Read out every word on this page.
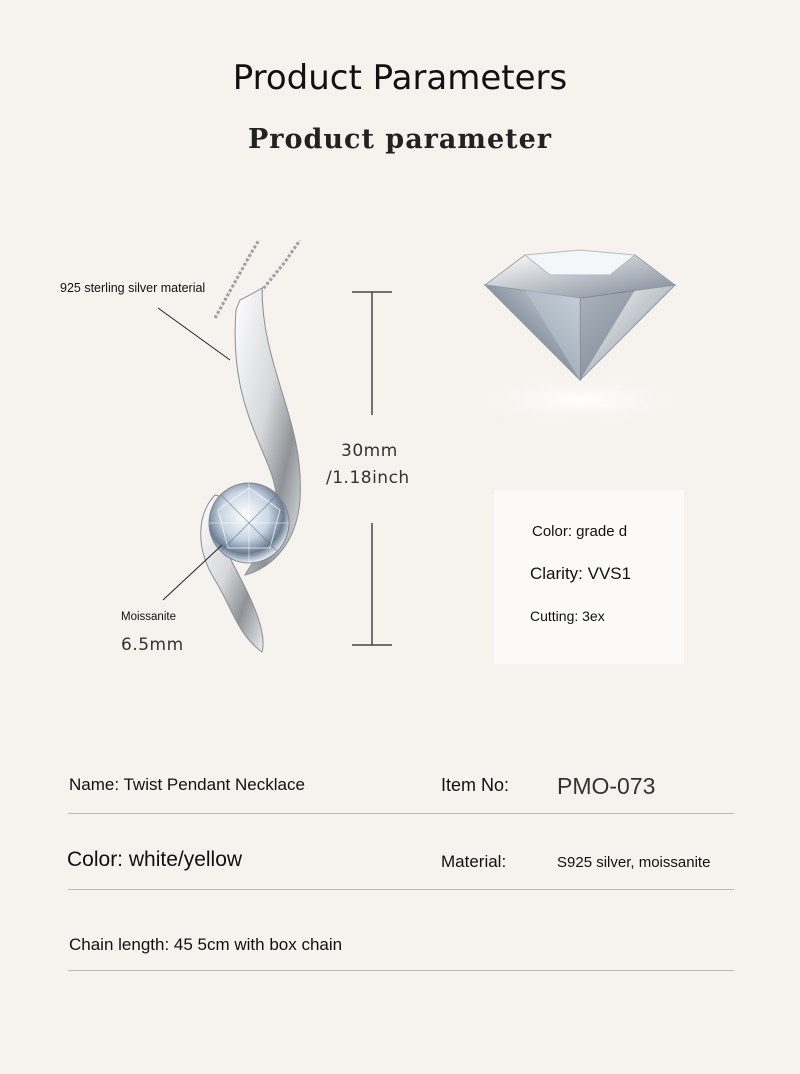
Product Parameters
Product parameter
925 sterling silver material
Moissanite
6.5mm
30mm
/1.18inch
Color: grade d
Clarity: VVS1
Cutting: 3ex
Name: Twist Pendant Necklace	Item No: PMO-073
Color: white/yellow	Material:	S925 silver, moissanite
Chain length: 45 5cm with box chain
